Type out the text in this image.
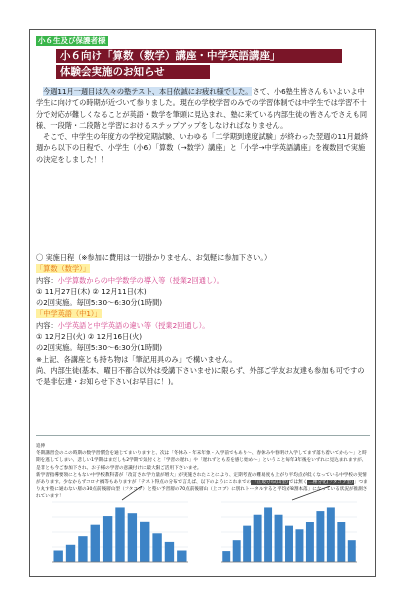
小６生及び保護者様
小６向け「算数（数学）講座・中学英語講座」
体験会実施のお知らせ

今週11月一週目は久々の塾テスト、本日依誠にお疲れ様でした。さて、小6塾生皆さんもいよいよ中学生に向けての時期が近づいて参りました。現在の学校学習のみでの学習体制では中学生では学習不十分で対応が難しくなることが英語・数学を筆頭に見込まれ、塾に来ている内部生徒の皆さんでさえも同様、一段階・二段階と学習におけるステップアップをしなければなりません。

そこで、中学生の年度方の学校定期試験、いわゆる「二学期到達度試験」が終わった翌週の11月最終週から以下の日程で、小学生（小6）「算数（→数学）講座」と「小学→中学英語講座」を複数回で実施の決定をしました！！

〇 実施日程（※参加に費用は一切掛かりません、お気軽に参加下さい。）

「算数（数学）」

内容：小学算数からの中学数学の導入等（授業2回通し）。

① 11月27日(木) ② 12月11日(木)

の2回実施。毎回5:30～6:30分(1時間)

「中学英語（中1）」

内容：小学英語と中学英語の違い等（授業2回通し）。

① 12月2日(火) ② 12月16日(火)

の2回実施。毎回5:30～6:30分(1時間)

※上記、各講座とも持ち物は「筆記用具のみ」で構いません。

尚、内部生徒(基本、曜日不都合以外は受講下さいませ)に限らず、外部ご学友お友達も参加も可ですので是非伝達・お知らせ下さい(お早目に！)。

追伸

冬期講習会のこの時期の数学習慣会を通じてまいりますと、次は「冬休み・年末年象・入学前でもあり～、春休みや春明け入学してまず落ち着いてから～」と時期を逃してしまい、悲しい1学期はまだしも2学期で気付くと「学習の遅れ」や「遅れずとも差を感じ始め～」ということ毎年3年後をいずれに見込まれますが、是非とも今ご参加下され、お子様の学習の意識付けに最大限ご活用下さいませ。

新学習指導要領にともない中学校教科書が「改訂され学力量が増大」が実施されたことにより、定期考査の難易度も上がり平均点が低くなっている中学校の実情があります。少なからずコロナ禍等もありますが「テスト得点の分布で言えば、以下のようにこれまでの「正規分布(山型)では無く二極分化(フタコブ型)」つまり丸す塾に通わない層の30点前後層山型（フタコブ）と塾い予習層の70点前後層山（上コブ）に別れトータルすると平均が8割本落」になっている状況が推測されています！
